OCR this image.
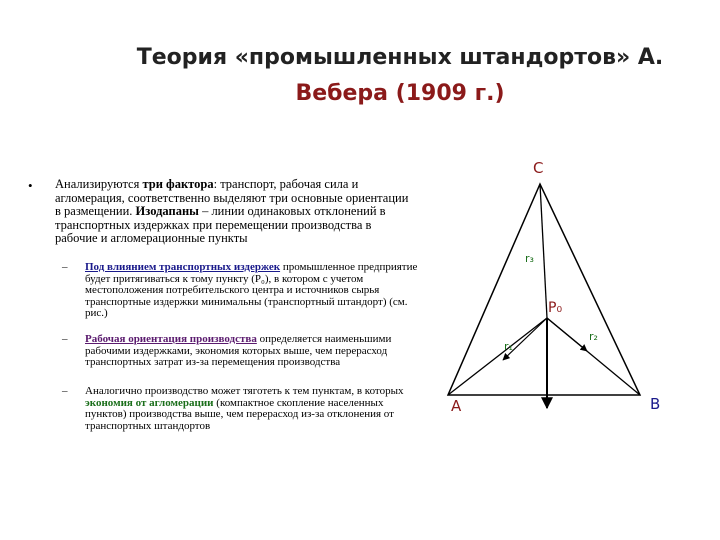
Теория «промышленных штандортов» А.
Вебера (1909 г.)
• Анализируются три фактора: транспорт, рабочая сила и агломерация, соответственно выделяют три основные ориентации в размещении. Изодапаны – линии одинаковых отклонений в транспортных издержках при перемещении производства в рабочие и агломерационные пункты
– Под влиянием транспортных издержек промышленное предприятие будет притягиваться к тому пункту (P₀), в котором с учетом местоположения потребительского центра и источников сырья транспортные издержки минимальны (транспортный штандорт) (см. рис.)
– Рабочая ориентация производства определяется наименьшими рабочими издержками, экономия которых выше, чем перерасход транспортных затрат из-за перемещения производства
– Аналогично производство может тяготеть к тем пунктам, в которых экономия от агломерации (компактное скопление населенных пунктов) производства выше, чем перерасход из-за отклонения от транспортных штандортов
C
A	B
P₀
r₁
r₂
r₃
